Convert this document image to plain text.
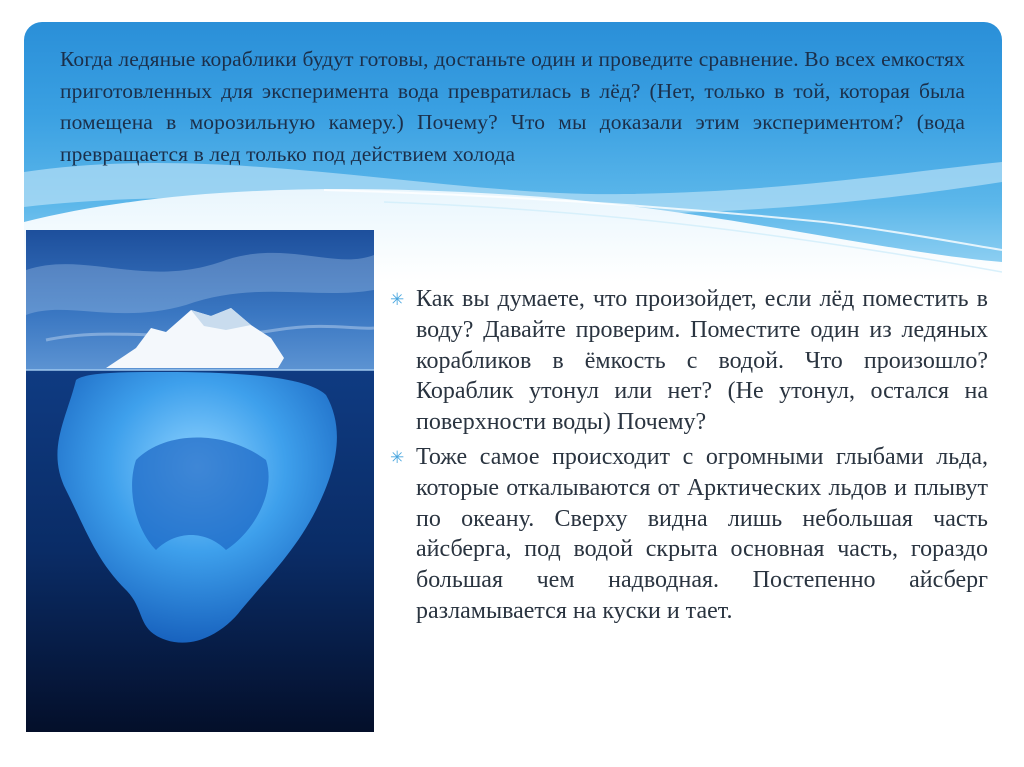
Когда ледяные кораблики будут готовы, достаньте один и проведите сравнение. Во всех емкостях приготовленных для эксперимента вода превратилась в лёд? (Нет, только в той, которая была помещена в морозильную камеру.) Почему? Что мы доказали этим экспериментом? (вода превращается в лед только под действием холода
✳ Как вы думаете, что произойдет, если лёд поместить в воду? Давайте проверим. Поместите один из ледяных корабликов в ёмкость с водой. Что произошло? Кораблик утонул или нет? (Не утонул, остался на поверхности воды) Почему?
✳ Тоже самое происходит с огромными глыбами льда, которые откалываются от Арктических льдов и плывут по океану. Сверху видна лишь небольшая часть айсберга, под водой скрыта основная часть, гораздо большая чем надводная. Постепенно айсберг разламывается на куски и тает.
